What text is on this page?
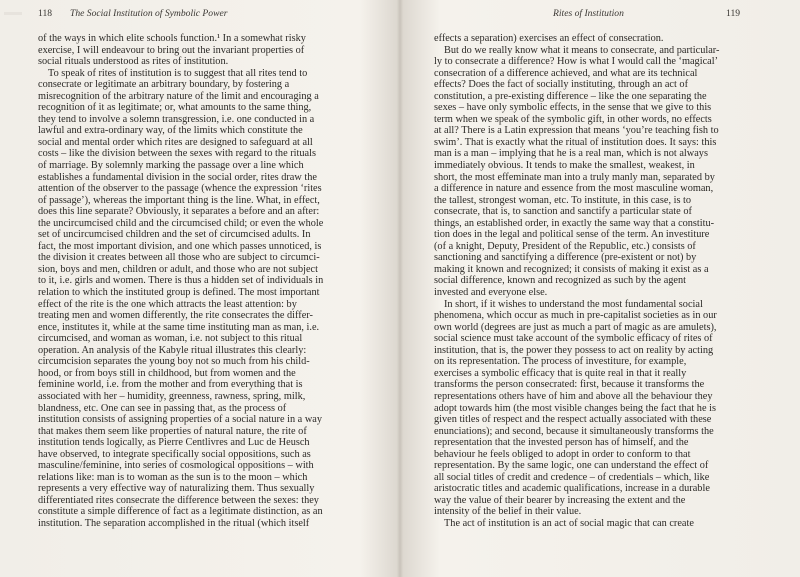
118 The Social Institution of Symbolic Power
of the ways in which elite schools function.¹ In a somewhat risky
exercise, I will endeavour to bring out the invariant properties of
social rituals understood as rites of institution.
To speak of rites of institution is to suggest that all rites tend to
consecrate or legitimate an arbitrary boundary, by fostering a
misrecognition of the arbitrary nature of the limit and encouraging a
recognition of it as legitimate; or, what amounts to the same thing,
they tend to involve a solemn transgression, i.e. one conducted in a
lawful and extra-ordinary way, of the limits which constitute the
social and mental order which rites are designed to safeguard at all
costs – like the division between the sexes with regard to the rituals
of marriage. By solemnly marking the passage over a line which
establishes a fundamental division in the social order, rites draw the
attention of the observer to the passage (whence the expression ‘rites
of passage’), whereas the important thing is the line. What, in effect,
does this line separate? Obviously, it separates a before and an after:
the uncircumcised child and the circumcised child; or even the whole
set of uncircumcised children and the set of circumcised adults. In
fact, the most important division, and one which passes unnoticed, is
the division it creates between all those who are subject to circumci-
sion, boys and men, children or adult, and those who are not subject
to it, i.e. girls and women. There is thus a hidden set of individuals in
relation to which the instituted group is defined. The most important
effect of the rite is the one which attracts the least attention: by
treating men and women differently, the rite consecrates the differ-
ence, institutes it, while at the same time instituting man as man, i.e.
circumcised, and woman as woman, i.e. not subject to this ritual
operation. An analysis of the Kabyle ritual illustrates this clearly:
circumcision separates the young boy not so much from his child-
hood, or from boys still in childhood, but from women and the
feminine world, i.e. from the mother and from everything that is
associated with her – humidity, greenness, rawness, spring, milk,
blandness, etc. One can see in passing that, as the process of
institution consists of assigning properties of a social nature in a way
that makes them seem like properties of natural nature, the rite of
institution tends logically, as Pierre Centlivres and Luc de Heusch
have observed, to integrate specifically social oppositions, such as
masculine/feminine, into series of cosmological oppositions – with
relations like: man is to woman as the sun is to the moon – which
represents a very effective way of naturalizing them. Thus sexually
differentiated rites consecrate the difference between the sexes: they
constitute a simple difference of fact as a legitimate distinction, as an
institution. The separation accomplished in the ritual (which itself
Rites of Institution	119
effects a separation) exercises an effect of consecration.
But do we really know what it means to consecrate, and particular-
ly to consecrate a difference? How is what I would call the ‘magical’
consecration of a difference achieved, and what are its technical
effects? Does the fact of socially instituting, through an act of
constitution, a pre-existing difference – like the one separating the
sexes – have only symbolic effects, in the sense that we give to this
term when we speak of the symbolic gift, in other words, no effects
at all? There is a Latin expression that means ‘you’re teaching fish to
swim’. That is exactly what the ritual of institution does. It says: this
man is a man – implying that he is a real man, which is not always
immediately obvious. It tends to make the smallest, weakest, in
short, the most effeminate man into a truly manly man, separated by
a difference in nature and essence from the most masculine woman,
the tallest, strongest woman, etc. To institute, in this case, is to
consecrate, that is, to sanction and sanctify a particular state of
things, an established order, in exactly the same way that a constitu-
tion does in the legal and political sense of the term. An investiture
(of a knight, Deputy, President of the Republic, etc.) consists of
sanctioning and sanctifying a difference (pre-existent or not) by
making it known and recognized; it consists of making it exist as a
social difference, known and recognized as such by the agent
invested and everyone else.
In short, if it wishes to understand the most fundamental social
phenomena, which occur as much in pre-capitalist societies as in our
own world (degrees are just as much a part of magic as are amulets),
social science must take account of the symbolic efficacy of rites of
institution, that is, the power they possess to act on reality by acting
on its representation. The process of investiture, for example,
exercises a symbolic efficacy that is quite real in that it really
transforms the person consecrated: first, because it transforms the
representations others have of him and above all the behaviour they
adopt towards him (the most visible changes being the fact that he is
given titles of respect and the respect actually associated with these
enunciations); and second, because it simultaneously transforms the
representation that the invested person has of himself, and the
behaviour he feels obliged to adopt in order to conform to that
representation. By the same logic, one can understand the effect of
all social titles of credit and credence – of credentials – which, like
aristocratic titles and academic qualifications, increase in a durable
way the value of their bearer by increasing the extent and the
intensity of the belief in their value.
The act of institution is an act of social magic that can create
